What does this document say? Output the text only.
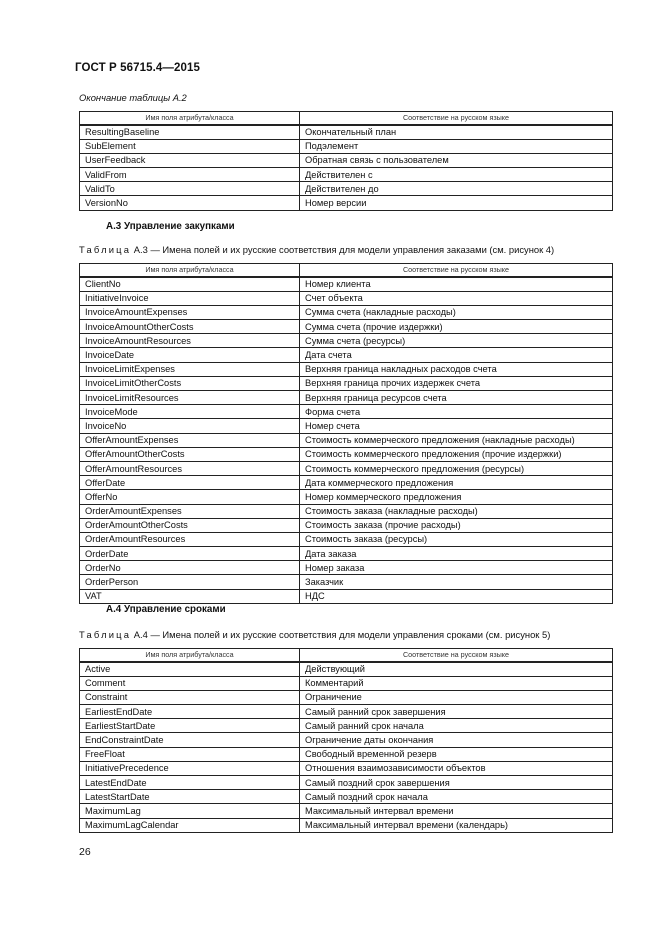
ГОСТ Р 56715.4—2015
Окончание таблицы А.2
Имя поля атрибута/класса	Соответствие на русском языке
ResultingBaseline	Окончательный план
SubElement	Подэлемент
UserFeedback	Обратная связь с пользователем
ValidFrom	Действителен с
ValidTo	Действителен до
VersionNo	Номер версии
А.3 Управление закупками
Таблица А.3 — Имена полей и их русские соответствия для модели управления заказами (см. рисунок 4)
Имя поля атрибута/класса	Соответствие на русском языке
ClientNo	Номер клиента
InitiativeInvoice	Счет объекта
InvoiceAmountExpenses	Сумма счета (накладные расходы)
InvoiceAmountOtherCosts	Сумма счета (прочие издержки)
InvoiceAmountResources	Сумма счета (ресурсы)
InvoiceDate	Дата счета
InvoiceLimitExpenses	Верхняя граница накладных расходов счета
InvoiceLimitOtherCosts	Верхняя граница прочих издержек счета
InvoiceLimitResources	Верхняя граница ресурсов счета
InvoiceMode	Форма счета
InvoiceNo	Номер счета
OfferAmountExpenses	Стоимость коммерческого предложения (накладные расходы)
OfferAmountOtherCosts	Стоимость коммерческого предложения (прочие издержки)
OfferAmountResources	Стоимость коммерческого предложения (ресурсы)
OfferDate	Дата коммерческого предложения
OfferNo	Номер коммерческого предложения
OrderAmountExpenses	Стоимость заказа (накладные расходы)
OrderAmountOtherCosts	Стоимость заказа (прочие расходы)
OrderAmountResources	Стоимость заказа (ресурсы)
OrderDate	Дата заказа
OrderNo	Номер заказа
OrderPerson	Заказчик
VAT	НДС
А.4 Управление сроками
Таблица А.4 — Имена полей и их русские соответствия для модели управления сроками (см. рисунок 5)
Имя поля атрибута/класса	Соответствие на русском языке
Active	Действующий
Comment	Комментарий
Constraint	Ограничение
EarliestEndDate	Самый ранний срок завершения
EarliestStartDate	Самый ранний срок начала
EndConstraintDate	Ограничение даты окончания
FreeFloat	Свободный временной резерв
InitiativePrecedence	Отношения взаимозависимости объектов
LatestEndDate	Самый поздний срок завершения
LatestStartDate	Самый поздний срок начала
MaximumLag	Максимальный интервал времени
MaximumLagCalendar	Максимальный интервал времени (календарь)
26
